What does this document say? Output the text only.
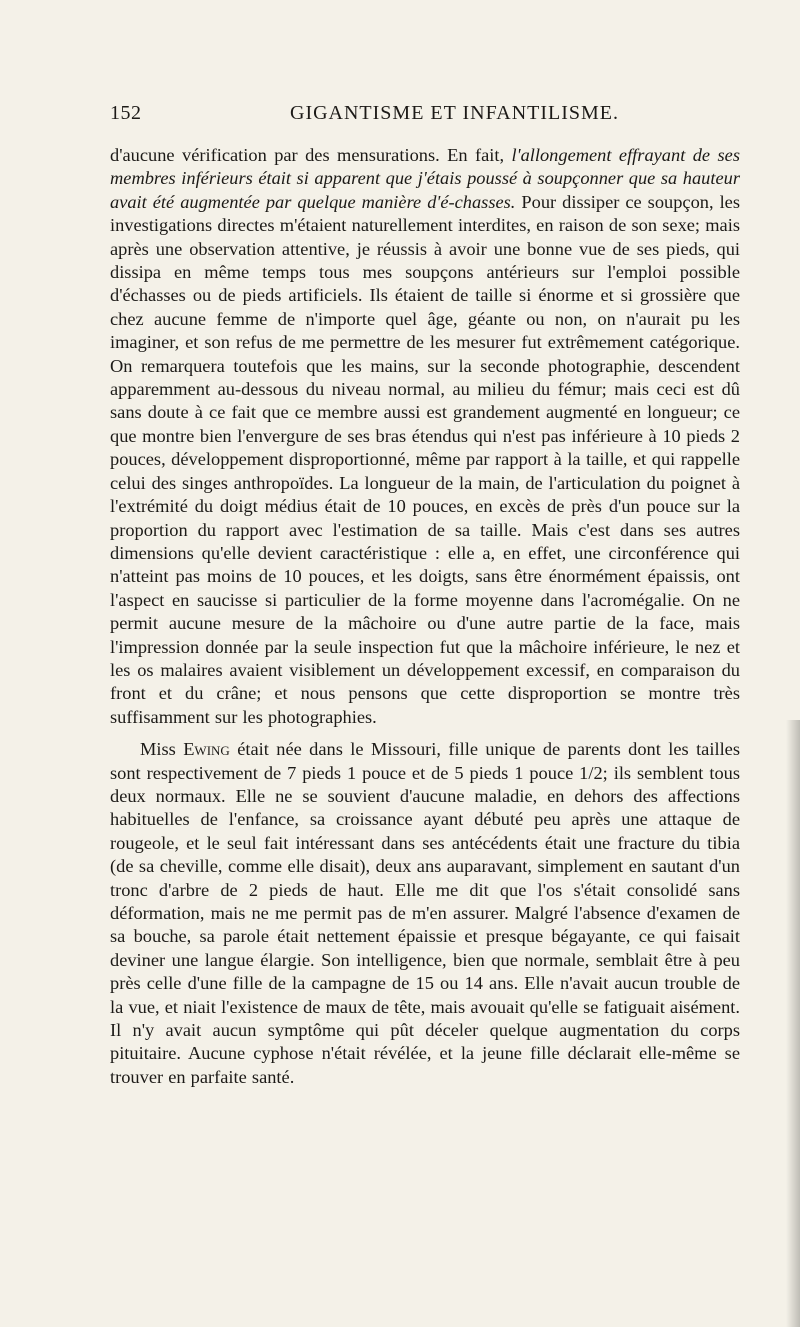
152	GIGANTISME ET INFANTILISME.

d'aucune vérification par des mensurations. En fait, l'allongement effrayant de ses membres inférieurs était si apparent que j'étais poussé à soupçonner que sa hauteur avait été augmentée par quelque manière d'é-chasses. Pour dissiper ce soupçon, les investigations directes m'étaient naturellement interdites, en raison de son sexe; mais après une observation attentive, je réussis à avoir une bonne vue de ses pieds, qui dissipa en même temps tous mes soupçons antérieurs sur l'emploi possible d'échasses ou de pieds artificiels. Ils étaient de taille si énorme et si grossière que chez aucune femme de n'importe quel âge, géante ou non, on n'aurait pu les imaginer, et son refus de me permettre de les mesurer fut extrêmement catégorique. On remarquera toutefois que les mains, sur la seconde photographie, descendent apparemment au-dessous du niveau normal, au milieu du fémur; mais ceci est dû sans doute à ce fait que ce membre aussi est grandement augmenté en longueur; ce que montre bien l'envergure de ses bras étendus qui n'est pas inférieure à 10 pieds 2 pouces, développement disproportionné, même par rapport à la taille, et qui rappelle celui des singes anthropoïdes. La longueur de la main, de l'articulation du poignet à l'extrémité du doigt médius était de 10 pouces, en excès de près d'un pouce sur la proportion du rapport avec l'estimation de sa taille. Mais c'est dans ses autres dimensions qu'elle devient caractéristique : elle a, en effet, une circonférence qui n'atteint pas moins de 10 pouces, et les doigts, sans être énormément épaissis, ont l'aspect en saucisse si particulier de la forme moyenne dans l'acromégalie. On ne permit aucune mesure de la mâchoire ou d'une autre partie de la face, mais l'impression donnée par la seule inspection fut que la mâchoire inférieure, le nez et les os malaires avaient visiblement un développement excessif, en comparaison du front et du crâne; et nous pensons que cette disproportion se montre très suffisamment sur les photographies.

Miss Ewing était née dans le Missouri, fille unique de parents dont les tailles sont respectivement de 7 pieds 1 pouce et de 5 pieds 1 pouce 1/2; ils semblent tous deux normaux. Elle ne se souvient d'aucune maladie, en dehors des affections habituelles de l'enfance, sa croissance ayant débuté peu après une attaque de rougeole, et le seul fait intéressant dans ses antécédents était une fracture du tibia (de sa cheville, comme elle disait), deux ans auparavant, simplement en sautant d'un tronc d'arbre de 2 pieds de haut. Elle me dit que l'os s'était consolidé sans déformation, mais ne me permit pas de m'en assurer. Malgré l'absence d'examen de sa bouche, sa parole était nettement épaissie et presque bégayante, ce qui faisait deviner une langue élargie. Son intelligence, bien que normale, semblait être à peu près celle d'une fille de la campagne de 15 ou 14 ans. Elle n'avait aucun trouble de la vue, et niait l'existence de maux de tête, mais avouait qu'elle se fatiguait aisément. Il n'y avait aucun symptôme qui pût déceler quelque augmentation du corps pituitaire. Aucune cyphose n'était révélée, et la jeune fille déclarait elle-même se trouver en parfaite santé.
